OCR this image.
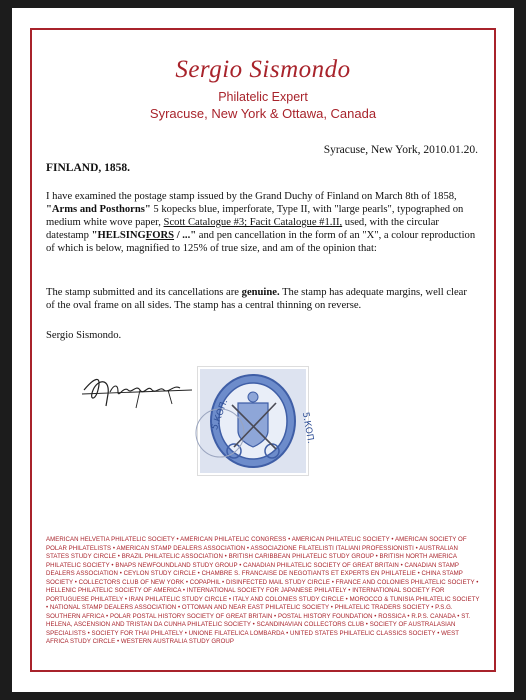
Sergio Sismondo
Philatelic Expert
Syracuse, New York & Ottawa, Canada
Syracuse, New York, 2010.01.20.
FINLAND, 1858.
I have examined the postage stamp issued by the Grand Duchy of Finland on March 8th of 1858, "Arms and Posthorns" 5 kopecks blue, imperforate, Type II, with "large pearls", typographed on medium white wove paper, Scott Catalogue #3; Facit Catalogue #1.II, used, with the circular datestamp "HELSINGFORS / ..." and pen cancellation in the form of an "X", a colour reproduction of which is below, magnified to 125% of true size, and am of the opinion that:
The stamp submitted and its cancellations are genuine. The stamp has adequate margins, well clear of the oval frame on all sides. The stamp has a central thinning on reverse.
Sergio Sismondo.
5.КОП.	5.КОП.
AMERICAN HELVETIA PHILATELIC SOCIETY • AMERICAN PHILATELIC CONGRESS • AMERICAN PHILATELIC SOCIETY • AMERICAN SOCIETY OF POLAR PHILATELISTS • AMERICAN STAMP DEALERS ASSOCIATION • ASSOCIAZIONE FILATELISTI ITALIANI PROFESSIONISTI • AUSTRALIAN STATES STUDY CIRCLE • BRAZIL PHILATELIC ASSOCIATION • BRITISH CARIBBEAN PHILATELIC STUDY GROUP • BRITISH NORTH AMERICA PHILATELIC SOCIETY • BNAPS NEWFOUNDLAND STUDY GROUP • CANADIAN PHILATELIC SOCIETY OF GREAT BRITAIN • CANADIAN STAMP DEALERS ASSOCIATION • CEYLON STUDY CIRCLE • CHAMBRE S. FRANCAISE DE NEGOTIANTS ET EXPERTS EN PHILATELIE • CHINA STAMP SOCIETY • COLLECTORS CLUB OF NEW YORK • COPAPHIL • DISINFECTED MAIL STUDY CIRCLE • FRANCE AND COLONIES PHILATELIC SOCIETY • HELLENIC PHILATELIC SOCIETY OF AMERICA • INTERNATIONAL SOCIETY FOR JAPANESE PHILATELY • INTERNATIONAL SOCIETY FOR PORTUGUESE PHILATELY • IRAN PHILATELIC STUDY CIRCLE • ITALY AND COLONIES STUDY CIRCLE • MOROCCO & TUNISIA PHILATELIC SOCIETY • NATIONAL STAMP DEALERS ASSOCIATION • OTTOMAN AND NEAR EAST PHILATELIC SOCIETY • PHILATELIC TRADERS SOCIETY • P.S.G. SOUTHERN AFRICA • POLAR POSTAL HISTORY SOCIETY OF GREAT BRITAIN • POSTAL HISTORY FOUNDATION • ROSSICA • R.P.S. CANADA • ST. HELENA, ASCENSION AND TRISTAN DA CUNHA PHILATELIC SOCIETY • SCANDINAVIAN COLLECTORS CLUB • SOCIETY OF AUSTRALASIAN SPECIALISTS • SOCIETY FOR THAI PHILATELY • UNIONE FILATELICA LOMBARDA • UNITED STATES PHILATELIC CLASSICS SOCIETY • WEST AFRICA STUDY CIRCLE • WESTERN AUSTRALIA STUDY GROUP
